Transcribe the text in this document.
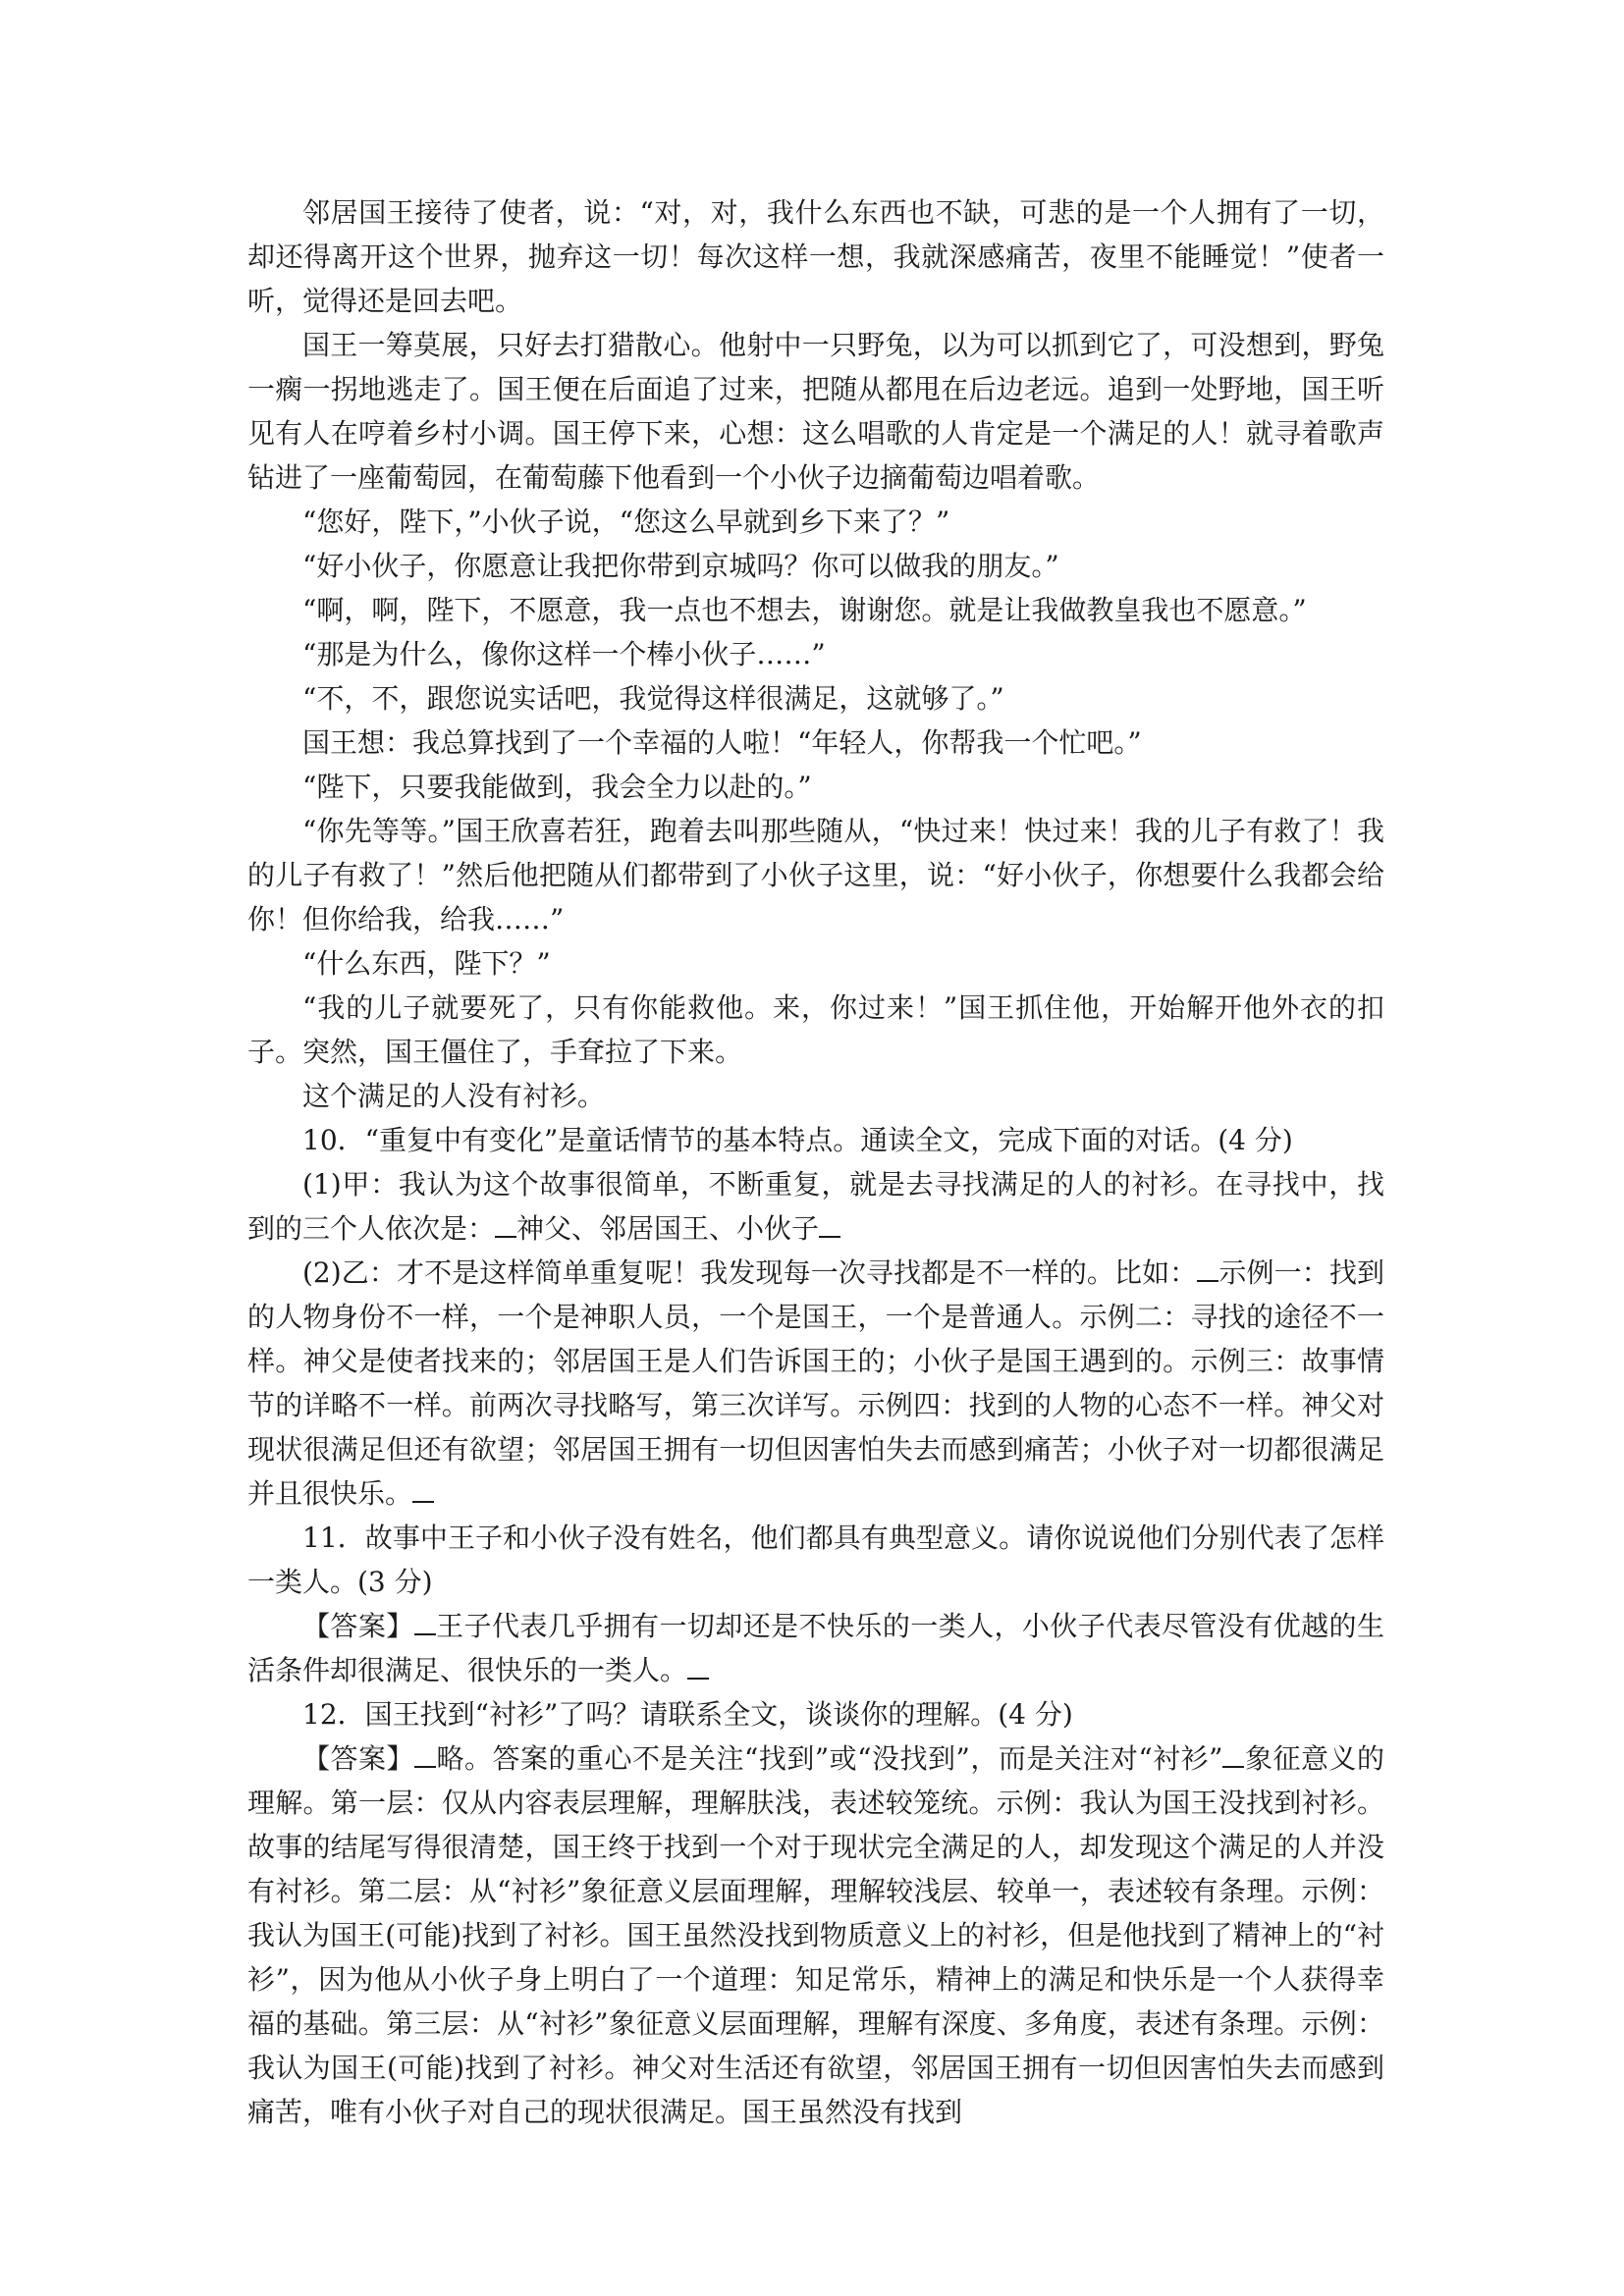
邻居国王接待了使者，说：“对，对，我什么东西也不缺，可悲的是一个人拥有了一切，却还得离开这个世界，抛弃这一切！每次这样一想，我就深感痛苦，夜里不能睡觉！”使者一听，觉得还是回去吧。

国王一筹莫展，只好去打猎散心。他射中一只野兔，以为可以抓到它了，可没想到，野兔一瘸一拐地逃走了。国王便在后面追了过来，把随从都甩在后边老远。追到一处野地，国王听见有人在哼着乡村小调。国王停下来，心想：这么唱歌的人肯定是一个满足的人！就寻着歌声钻进了一座葡萄园，在葡萄藤下他看到一个小伙子边摘葡萄边唱着歌。

“您好，陛下，”小伙子说，“您这么早就到乡下来了？”

“好小伙子，你愿意让我把你带到京城吗？你可以做我的朋友。”

“啊，啊，陛下，不愿意，我一点也不想去，谢谢您。就是让我做教皇我也不愿意。”

“那是为什么，像你这样一个棒小伙子……”

“不，不，跟您说实话吧，我觉得这样很满足，这就够了。”

国王想：我总算找到了一个幸福的人啦！“年轻人，你帮我一个忙吧。”

“陛下，只要我能做到，我会全力以赴的。”

“你先等等。”国王欣喜若狂，跑着去叫那些随从，“快过来！快过来！我的儿子有救了！我的儿子有救了！”然后他把随从们都带到了小伙子这里，说：“好小伙子，你想要什么我都会给你！但你给我，给我……”

“什么东西，陛下？”

“我的儿子就要死了，只有你能救他。来，你过来！”国王抓住他，开始解开他外衣的扣子。突然，国王僵住了，手耷拉了下来。

这个满足的人没有衬衫。

10．“重复中有变化”是童话情节的基本特点。通读全文，完成下面的对话。(4 分)

(1)甲：我认为这个故事很简单，不断重复，就是去寻找满足的人的衬衫。在寻找中，找到的三个人依次是： 神父、邻居国王、小伙子

(2)乙：才不是这样简单重复呢！我发现每一次寻找都是不一样的。比如： 示例一：找到的人物身份不一样，一个是神职人员，一个是国王，一个是普通人。示例二：寻找的途径不一样。神父是使者找来的；邻居国王是人们告诉国王的；小伙子是国王遇到的。示例三：故事情节的详略不一样。前两次寻找略写，第三次详写。示例四：找到的人物的心态不一样。神父对现状很满足但还有欲望；邻居国王拥有一切但因害怕失去而感到痛苦；小伙子对一切都很满足并且很快乐。

11．故事中王子和小伙子没有姓名，他们都具有典型意义。请你说说他们分别代表了怎样一类人。(3 分)

【答案】 王子代表几乎拥有一切却还是不快乐的一类人，小伙子代表尽管没有优越的生活条件却很满足、很快乐的一类人。

12．国王找到“衬衫”了吗？请联系全文，谈谈你的理解。(4 分)

【答案】 略。答案的重心不是关注“找到”或“没找到”，而是关注对“衬衫” 象征意义的理解。第一层：仅从内容表层理解，理解肤浅，表述较笼统。示例：我认为国王没找到衬衫。故事的结尾写得很清楚，国王终于找到一个对于现状完全满足的人，却发现这个满足的人并没有衬衫。第二层：从“衬衫”象征意义层面理解，理解较浅层、较单一，表述较有条理。示例：我认为国王(可能)找到了衬衫。国王虽然没找到物质意义上的衬衫，但是他找到了精神上的“衬衫”，因为他从小伙子身上明白了一个道理：知足常乐，精神上的满足和快乐是一个人获得幸福的基础。第三层：从“衬衫”象征意义层面理解，理解有深度、多角度，表述有条理。示例：我认为国王(可能)找到了衬衫。神父对生活还有欲望，邻居国王拥有一切但因害怕失去而感到痛苦，唯有小伙子对自己的现状很满足。国王虽然没有找到
